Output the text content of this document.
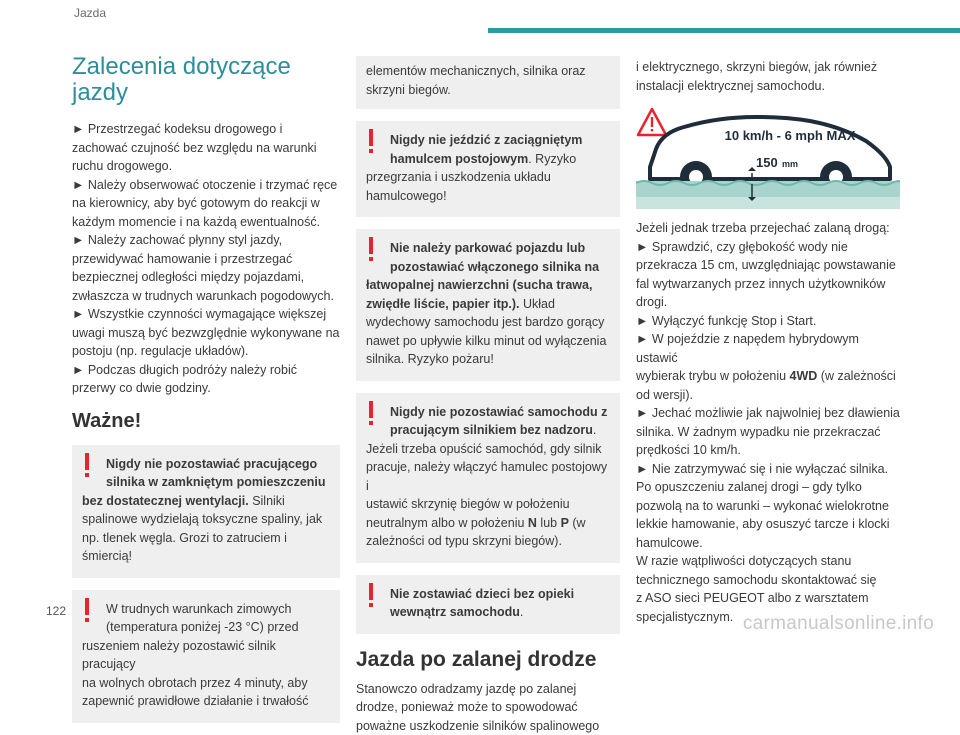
Jazda
Zalecenia dotyczące jazdy
► Przestrzegać kodeksu drogowego i
zachować czujność bez względu na warunki
ruchu drogowego.
► Należy obserwować otoczenie i trzymać ręce
na kierownicy, aby być gotowym do reakcji w
każdym momencie i na każdą ewentualność.
► Należy zachować płynny styl jazdy,
przewidywać hamowanie i przestrzegać
bezpiecznej odległości między pojazdami,
zwłaszcza w trudnych warunkach pogodowych.
► Wszystkie czynności wymagające większej
uwagi muszą być bezwzględnie wykonywane na
postoju (np. regulacje układów).
► Podczas długich podróży należy robić
przerwy co dwie godziny.
Ważne!
Nigdy nie pozostawiać pracującego
silnika w zamkniętym pomieszczeniu
bez dostatecznej wentylacji. Silniki
spalinowe wydzielają toksyczne spaliny, jak
np. tlenek węgla. Grozi to zatruciem i
śmiercią!
W trudnych warunkach zimowych
(temperatura poniżej -23 °C) przed
ruszeniem należy pozostawić silnik pracujący
na wolnych obrotach przez 4 minuty, aby
zapewnić prawidłowe działanie i trwałość
elementów mechanicznych, silnika oraz
skrzyni biegów.
Nigdy nie jeździć z zaciągniętym
hamulcem postojowym. Ryzyko
przegrzania i uszkodzenia układu
hamulcowego!
Nie należy parkować pojazdu lub
pozostawiać włączonego silnika na
łatwopalnej nawierzchni (sucha trawa,
zwiędłe liście, papier itp.). Układ
wydechowy samochodu jest bardzo gorący
nawet po upływie kilku minut od wyłączenia
silnika. Ryzyko pożaru!
Nigdy nie pozostawiać samochodu z
pracującym silnikiem bez nadzoru.
Jeżeli trzeba opuścić samochód, gdy silnik
pracuje, należy włączyć hamulec postojowy i
ustawić skrzynię biegów w położeniu
neutralnym albo w położeniu N lub P (w
zależności od typu skrzyni biegów).
Nie zostawiać dzieci bez opieki
wewnątrz samochodu.
Jazda po zalanej drodze

Stanowczo odradzamy jazdę po zalanej

drodze, ponieważ może to spowodować

poważne uszkodzenie silników spalinowego

i elektrycznego, skrzyni biegów, jak również

instalacji elektrycznej samochodu.

10 km/h - 6 mph MAX
150 mm

Jeżeli jednak trzeba przejechać zalaną drogą:

► Sprawdzić, czy głębokość wody nie

przekracza 15 cm, uwzględniając powstawanie

fal wytwarzanych przez innych użytkowników

drogi.

► Wyłączyć funkcję Stop i Start.

► W pojeździe z napędem hybrydowym ustawić

wybierak trybu w położeniu 4WD (w zależności

od wersji).

► Jechać możliwie jak najwolniej bez dławienia

silnika. W żadnym wypadku nie przekraczać

prędkości 10 km/h.

► Nie zatrzymywać się i nie wyłączać silnika.

Po opuszczeniu zalanej drogi – gdy tylko

pozwolą na to warunki – wykonać wielokrotne

lekkie hamowanie, aby osuszyć tarcze i klocki

hamulcowe.

W razie wątpliwości dotyczących stanu

technicznego samochodu skontaktować się

z ASO sieci PEUGEOT albo z warsztatem

specjalistycznym.

122
carmanualsonline.info
